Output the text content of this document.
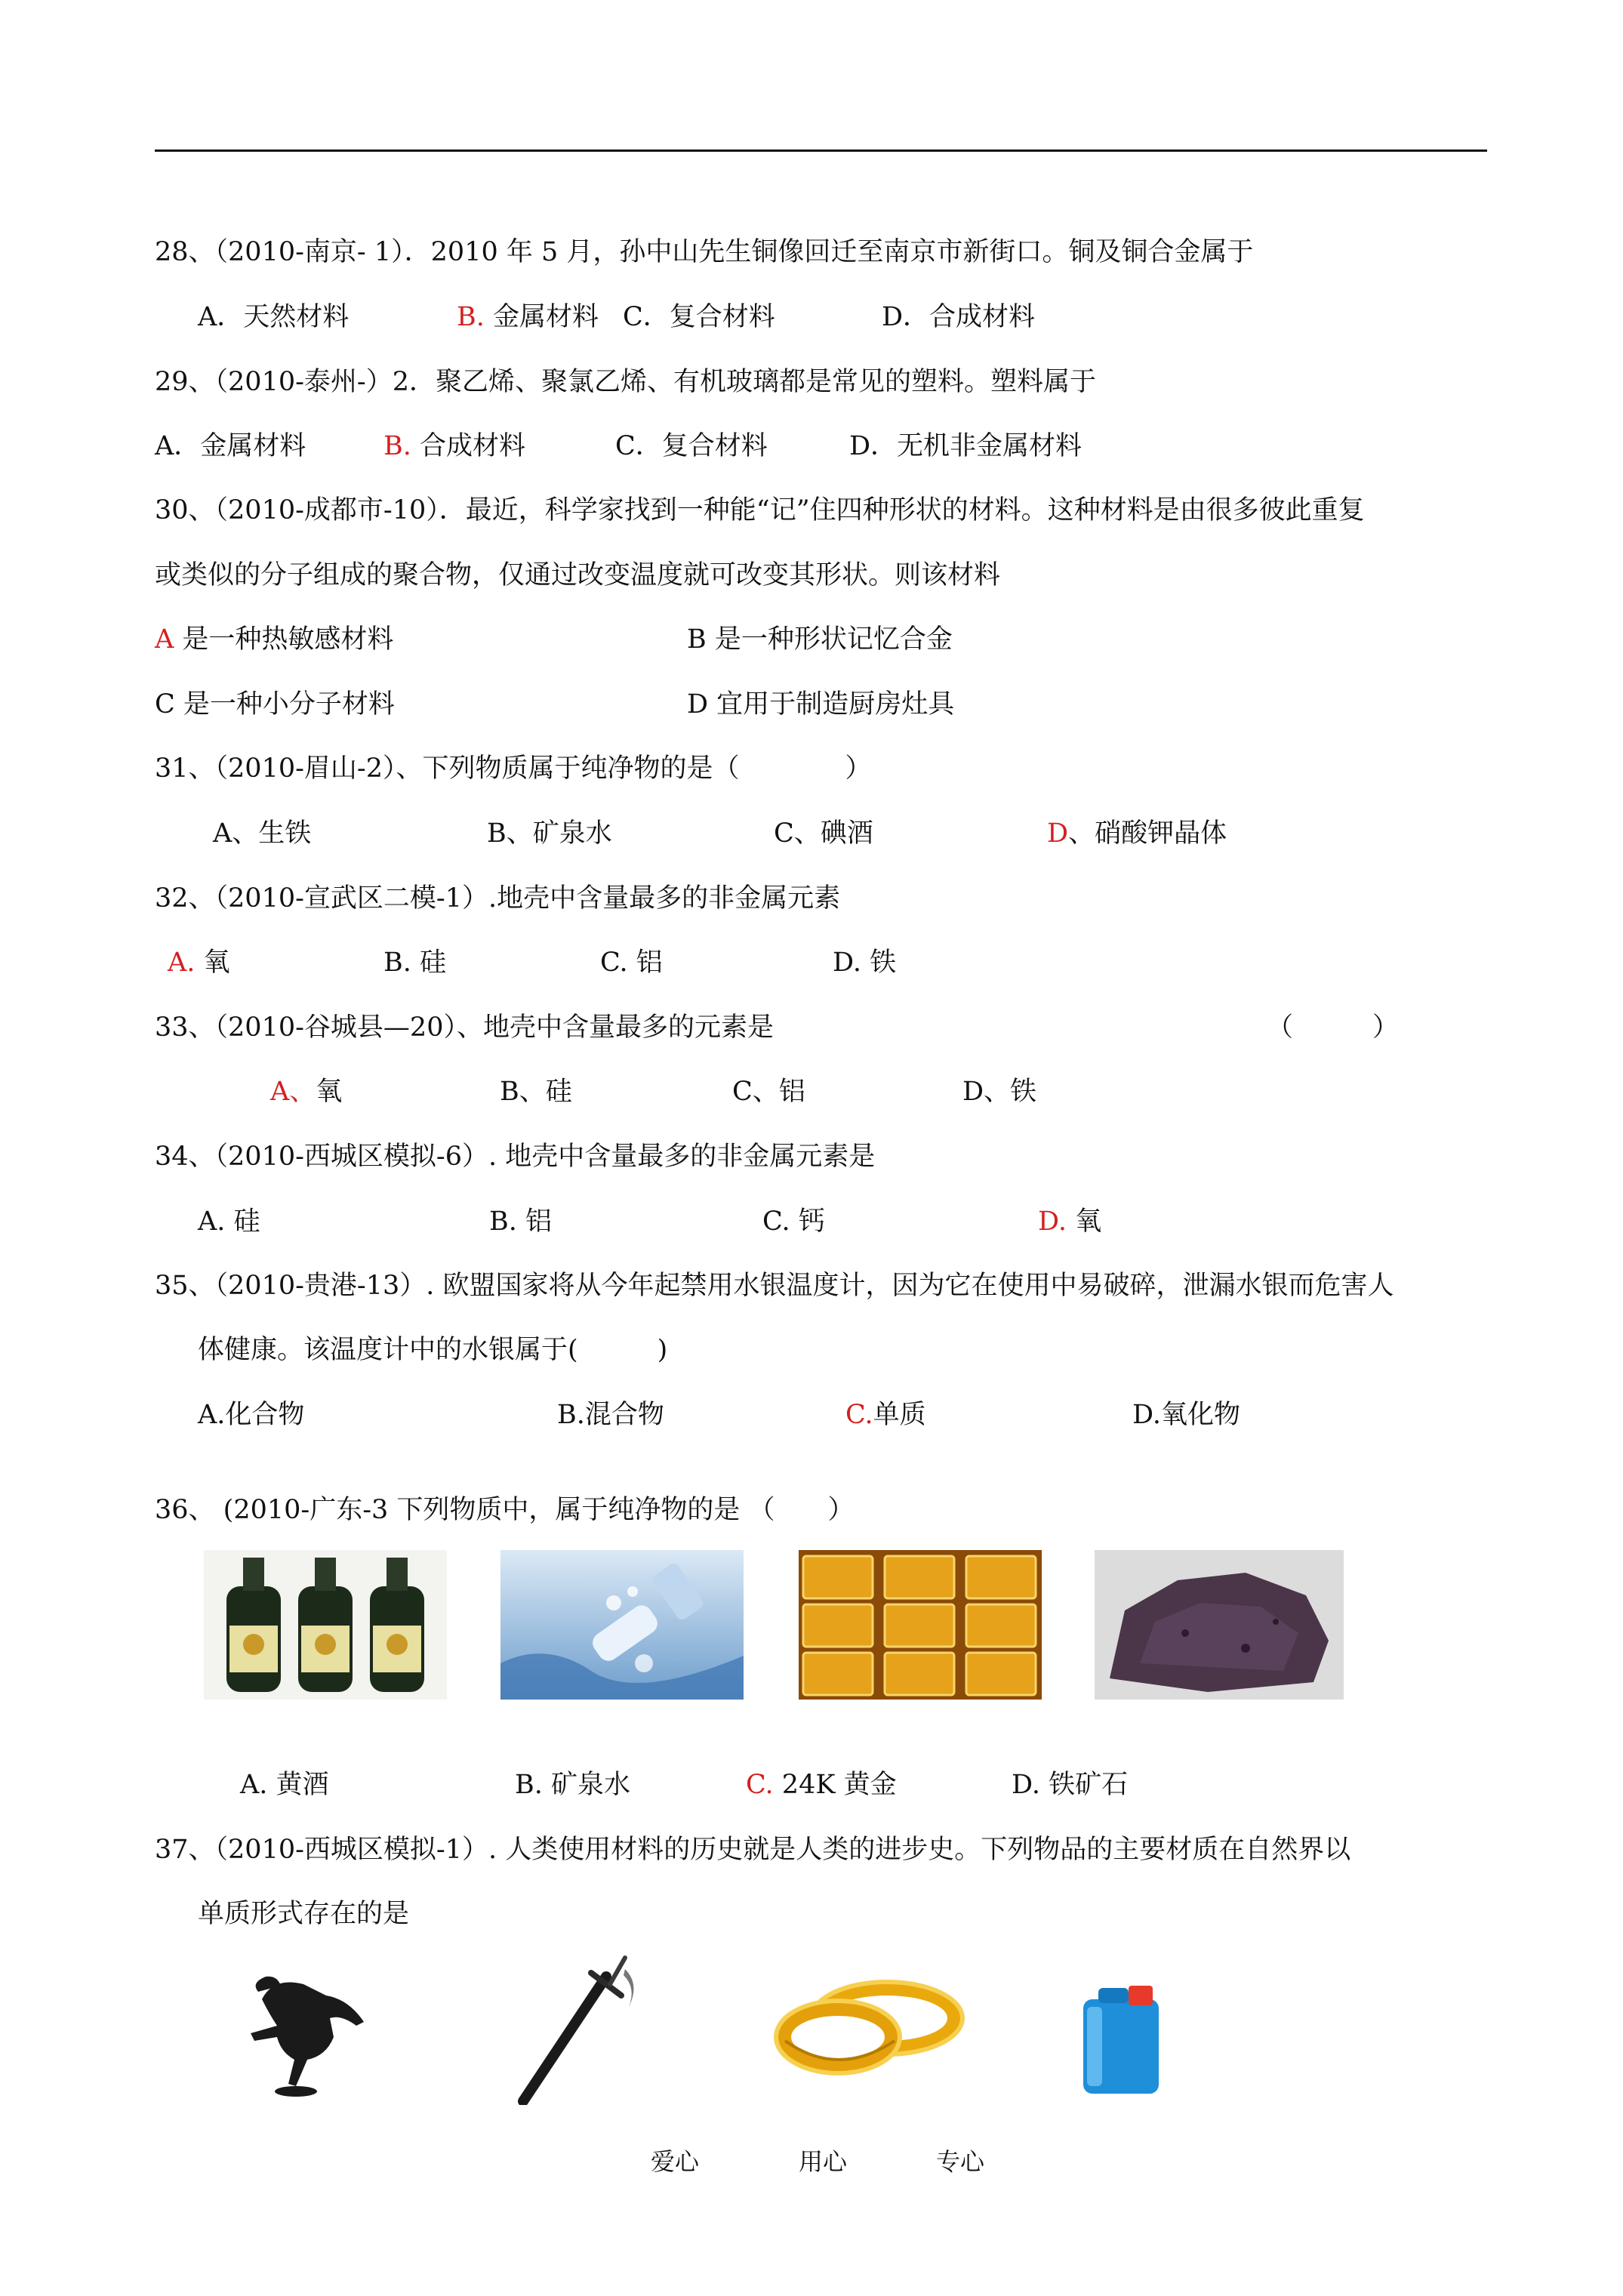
28、（2010-南京- 1）．2010 年 5 月，孙中山先生铜像回迁至南京市新街口。铜及铜合金属于
A．天然材料	B. 金属材料 C．复合材料	D．合成材料
29、（2010-泰州-）2．聚乙烯、聚氯乙烯、有机玻璃都是常见的塑料。塑料属于
A．金属材料	B. 合成材料	C．复合材料	D．无机非金属材料
30、（2010-成都市-10）．最近，科学家找到一种能“记”住四种形状的材料。这种材料是由很多彼此重复
或类似的分子组成的聚合物，仅通过改变温度就可改变其形状。则该材料
A 是一种热敏感材料	B 是一种形状记忆合金
C 是一种小分子材料	D 宜用于制造厨房灶具
31、（2010-眉山-2）、下列物质属于纯净物的是（　　　　）
A、生铁	B、矿泉水	C、碘酒	D、硝酸钾晶体
32、（2010-宣武区二模-1）.地壳中含量最多的非金属元素
A. 氧	B. 硅	C. 铝	D. 铁
33、（2010-谷城县—20）、地壳中含量最多的元素是	（　　　）
A、氧	B、硅	C、铝	D、铁
34、（2010-西城区模拟-6）. 地壳中含量最多的非金属元素是
A. 硅	B. 铝	C. 钙	D. 氧
35、（2010-贵港-13）. 欧盟国家将从今年起禁用水银温度计，因为它在使用中易破碎，泄漏水银而危害人
体健康。该温度计中的水银属于(　　　)
A.化合物	B.混合物	C.单质	D.氧化物
36、 (2010-广东-3 下列物质中，属于纯净物的是 （　　）
A. 黄酒	B. 矿泉水	C. 24K 黄金	D. 铁矿石
37、（2010-西城区模拟-1）. 人类使用材料的历史就是人类的进步史。下列物品的主要材质在自然界以
单质形式存在的是
爱心	用心	专心
